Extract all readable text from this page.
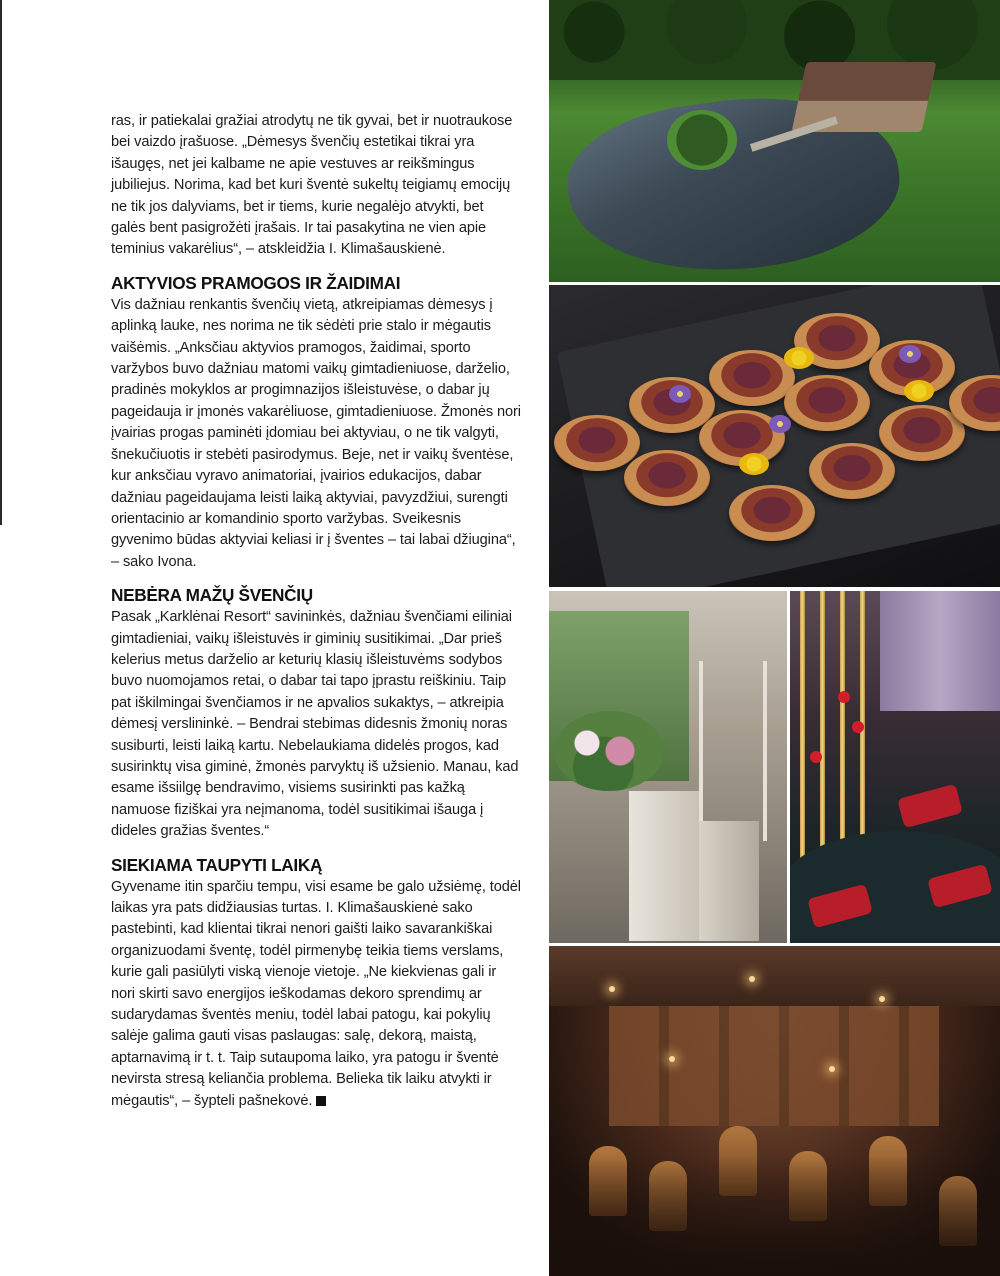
ras, ir patiekalai gražiai atrodytų ne tik gyvai, bet ir nuotraukose bei vaizdo įrašuose. „Dėmesys švenčių estetikai tikrai yra išaugęs, net jei kalbame ne apie vestuves ar reikšmingus jubiliejus. Norima, kad bet kuri šventė sukeltų teigiamų emocijų ne tik jos dalyviams, bet ir tiems, kurie negalėjo atvykti, bet galės bent pasigrožėti įrašais. Ir tai pasakytina ne vien apie teminius vakarėlius“, – atskleidžia I. Klimašauskienė.

AKTYVIOS PRAMOGOS IR ŽAIDIMAI

Vis dažniau renkantis švenčių vietą, atkreipiamas dėmesys į aplinką lauke, nes norima ne tik sėdėti prie stalo ir mėgautis vaišėmis. „Anksčiau aktyvios pramogos, žaidimai, sporto varžybos buvo dažniau matomi vaikų gimtadieniuose, darželio, pradinės mokyklos ar progimnazijos išleistuvėse, o dabar jų pageidauja ir įmonės vakarėliuose, gimtadieniuose. Žmonės nori įvairias progas paminėti įdomiau bei aktyviau, o ne tik valgyti, šnekučiuotis ir stebėti pasirodymus. Beje, net ir vaikų šventėse, kur anksčiau vyravo animatoriai, įvairios edukacijos, dabar dažniau pageidaujama leisti laiką aktyviai, pavyzdžiui, surengti orientacinio ar komandinio sporto varžybas. Sveikesnis gyvenimo būdas aktyviai keliasi ir į šventes – tai labai džiugina“, – sako Ivona.

NEBĖRA MAŽŲ ŠVENČIŲ

Pasak „Karklėnai Resort“ savininkės, dažniau švenčiami eiliniai gimtadieniai, vaikų išleistuvės ir giminių susitikimai. „Dar prieš kelerius metus darželio ar keturių klasių išleistuvėms sodybos buvo nuomojamos retai, o dabar tai tapo įprastu reiškiniu. Taip pat iškilmingai švenčiamos ir ne apvalios sukaktys, – atkreipia dėmesį verslininkė. – Bendrai stebimas didesnis žmonių noras susiburti, leisti laiką kartu. Nebelaukiama didelės progos, kad susirinktų visa giminė, žmonės parvyktų iš užsienio. Manau, kad esame išsiilgę bendravimo, visiems susirinkti pas kažką namuose fiziškai yra neįmanoma, todėl susitikimai išauga į dideles gražias šventes.“

SIEKIAMA TAUPYTI LAIKĄ

Gyvename itin sparčiu tempu, visi esame be galo užsiėmę, todėl laikas yra pats didžiausias turtas. I. Klimašauskienė sako pastebinti, kad klientai tikrai nenori gaišti laiko savarankiškai organizuodami šventę, todėl pirmenybę teikia tiems verslams, kurie gali pasiūlyti viską vienoje vietoje. „Ne kiekvienas gali ir nori skirti savo energijos ieškodamas dekoro sprendimų ar sudarydamas šventės meniu, todėl labai patogu, kai pokylių salėje galima gauti visas paslaugas: salę, dekorą, maistą, aptarnavimą ir t. t. Taip sutaupoma laiko, yra patogu ir šventė nevirsta stresą keliančia problema. Belieka tik laiku atvykti ir mėgautis“, – šypteli pašnekovė.
